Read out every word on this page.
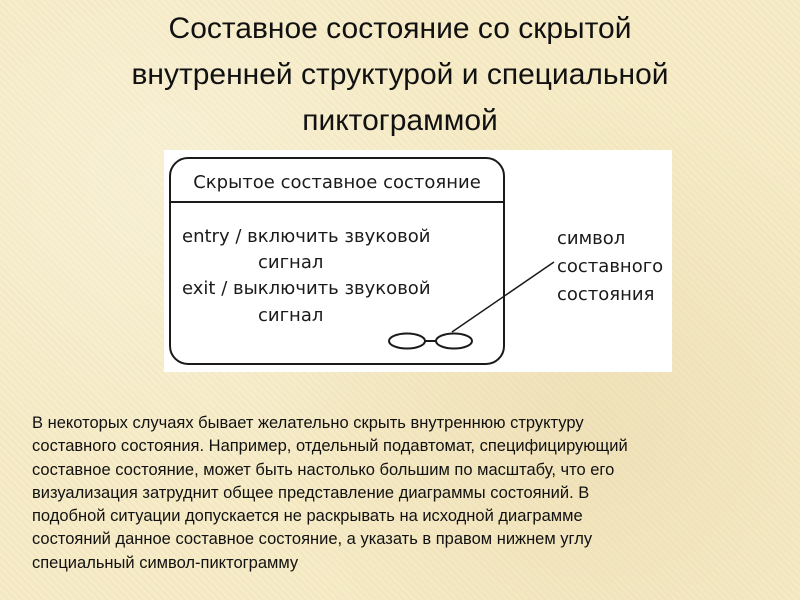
Составное состояние со скрытой
внутренней структурой и специальной
пиктограммой
Скрытое составное состояние
entry / включить звуковой
сигнал
exit / выключить звуковой
сигнал
символ
составного
состояния

В некоторых случаях бывает желательно скрыть внутреннюю структуру
составного состояния. Например, отдельный подавтомат, специфицирующий
составное состояние, может быть настолько большим по масштабу, что его
визуализация затруднит общее представление диаграммы состояний. В
подобной ситуации допускается не раскрывать на исходной диаграмме
состояний данное составное состояние, а указать в правом нижнем углу
специальный символ-пиктограмму
